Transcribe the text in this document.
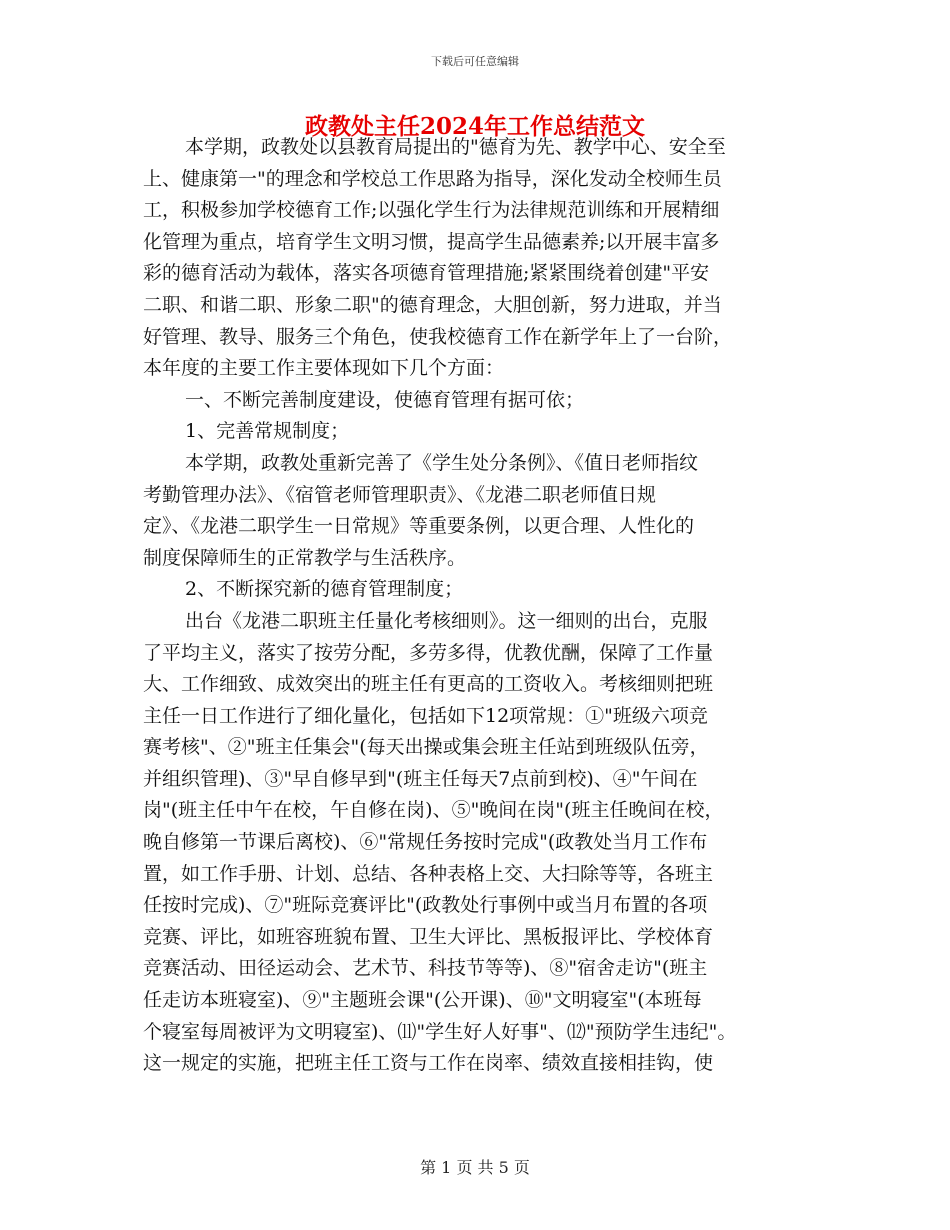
下载后可任意编辑
政教处主任2024年工作总结范文
本学期，政教处以县教育局提出的"德育为先、教学中心、安全至
上、健康第一"的理念和学校总工作思路为指导，深化发动全校师生员
工，积极参加学校德育工作;以强化学生行为法律规范训练和开展精细
化管理为重点，培育学生文明习惯，提高学生品德素养;以开展丰富多
彩的德育活动为载体，落实各项德育管理措施;紧紧围绕着创建"平安
二职、和谐二职、形象二职"的德育理念，大胆创新，努力进取，并当
好管理、教导、服务三个角色，使我校德育工作在新学年上了一台阶，
本年度的主要工作主要体现如下几个方面：
一、不断完善制度建设，使德育管理有据可依；
1、完善常规制度；
本学期，政教处重新完善了《学生处分条例》、《值日老师指纹
考勤管理办法》、《宿管老师管理职责》、《龙港二职老师值日规
定》、《龙港二职学生一日常规》等重要条例，以更合理、人性化的
制度保障师生的正常教学与生活秩序。
2、不断探究新的德育管理制度；
出台《龙港二职班主任量化考核细则》。这一细则的出台，克服
了平均主义，落实了按劳分配，多劳多得，优教优酬，保障了工作量
大、工作细致、成效突出的班主任有更高的工资收入。考核细则把班
主任一日工作进行了细化量化，包括如下12项常规：①"班级六项竞
赛考核"、②"班主任集会"(每天出操或集会班主任站到班级队伍旁，
并组织管理)、③"早自修早到"(班主任每天7点前到校)、④"午间在
岗"(班主任中午在校，午自修在岗)、⑤"晚间在岗"(班主任晚间在校，
晚自修第一节课后离校)、⑥"常规任务按时完成"(政教处当月工作布
置，如工作手册、计划、总结、各种表格上交、大扫除等等，各班主
任按时完成)、⑦"班际竞赛评比"(政教处行事例中或当月布置的各项
竞赛、评比，如班容班貌布置、卫生大评比、黑板报评比、学校体育
竞赛活动、田径运动会、艺术节、科技节等等)、⑧"宿舍走访"(班主
任走访本班寝室)、⑨"主题班会课"(公开课)、⑩"文明寝室"(本班每
个寝室每周被评为文明寝室)、⑾"学生好人好事"、⑿"预防学生违纪"。
这一规定的实施，把班主任工资与工作在岗率、绩效直接相挂钩，使
第 1 页 共 5 页
